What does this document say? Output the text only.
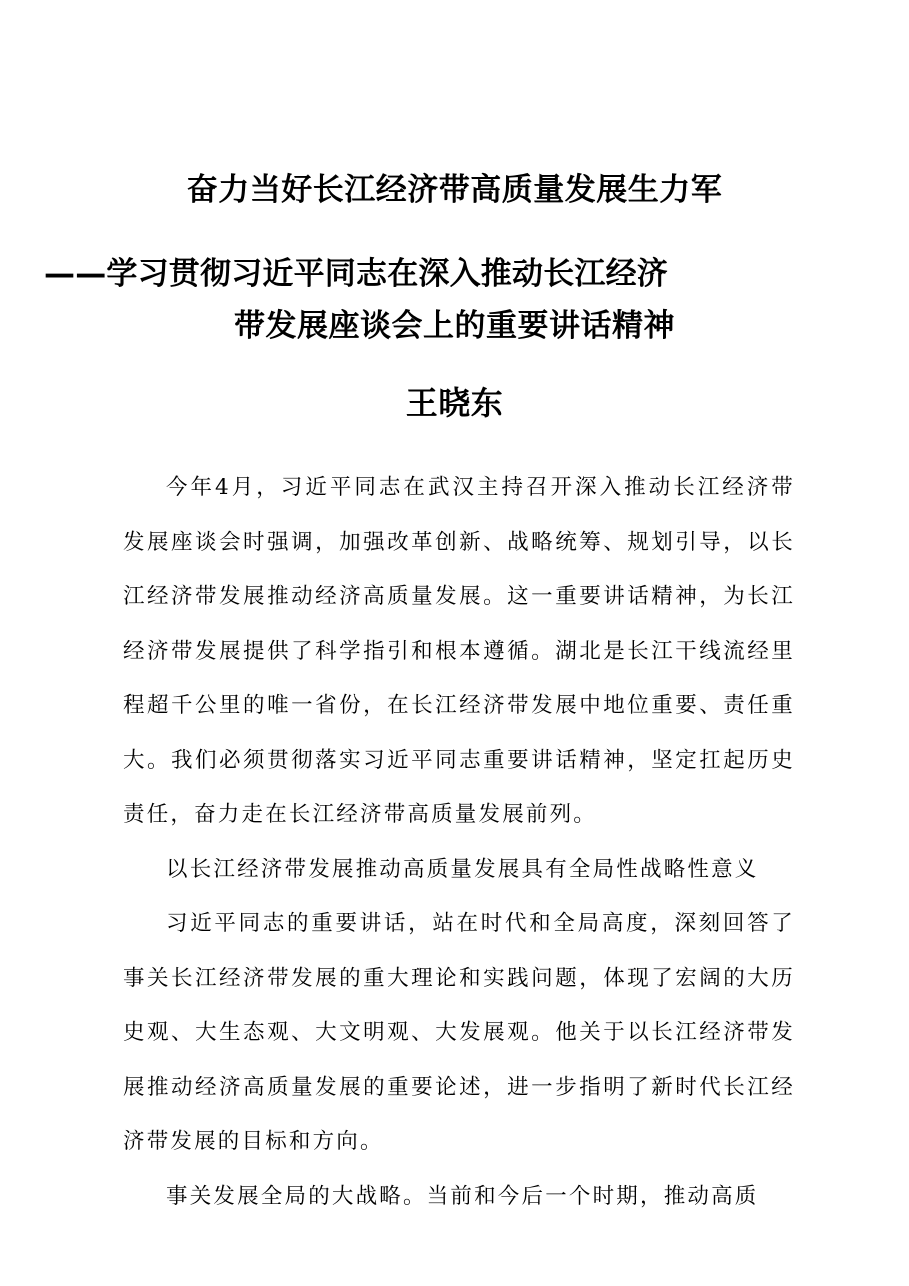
奋力当好长江经济带高质量发展生力军
——学习贯彻习近平同志在深入推动长江经济
带发展座谈会上的重要讲话精神
王晓东

今年4月，习近平同志在武汉主持召开深入推动长江经济带发展座谈会时强调，加强改革创新、战略统筹、规划引导，以长江经济带发展推动经济高质量发展。这一重要讲话精神，为长江经济带发展提供了科学指引和根本遵循。湖北是长江干线流经里程超千公里的唯一省份，在长江经济带发展中地位重要、责任重大。我们必须贯彻落实习近平同志重要讲话精神，坚定扛起历史责任，奋力走在长江经济带高质量发展前列。

以长江经济带发展推动高质量发展具有全局性战略性意义

习近平同志的重要讲话，站在时代和全局高度，深刻回答了事关长江经济带发展的重大理论和实践问题，体现了宏阔的大历史观、大生态观、大文明观、大发展观。他关于以长江经济带发展推动经济高质量发展的重要论述，进一步指明了新时代长江经济带发展的目标和方向。

事关发展全局的大战略。当前和今后一个时期，推动高质
